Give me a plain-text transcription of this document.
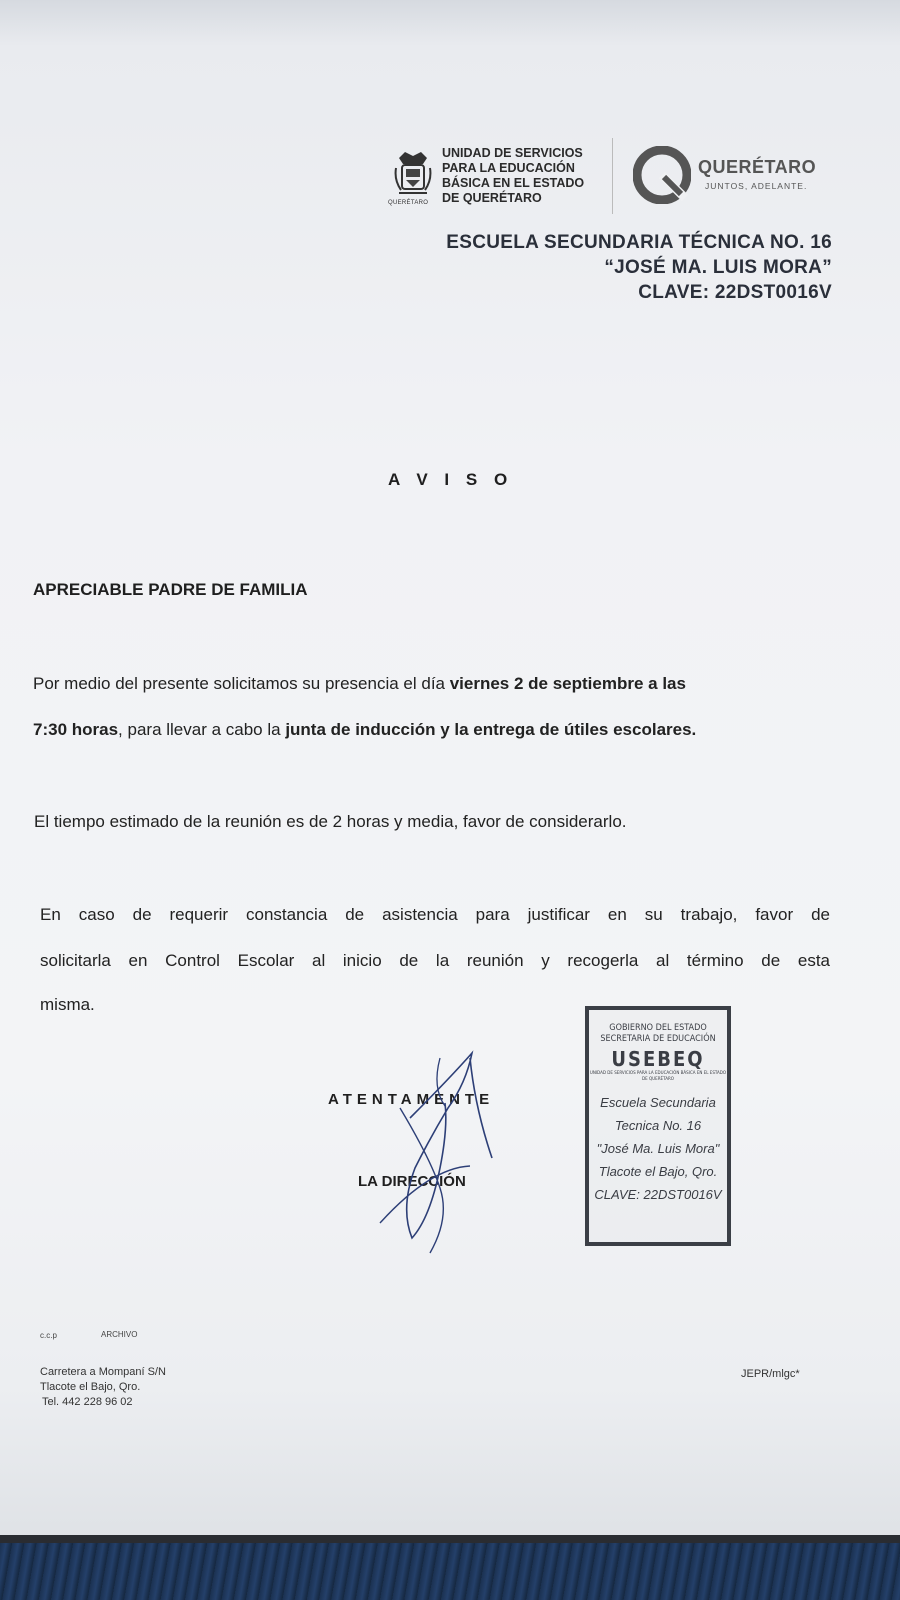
QUERÉTARO
UNIDAD DE SERVICIOS
PARA LA EDUCACIÓN
BÁSICA EN EL ESTADO
DE QUERÉTARO
QUERÉTARO
JUNTOS, ADELANTE.
ESCUELA SECUNDARIA TÉCNICA NO. 16
“JOSÉ MA. LUIS MORA”
CLAVE: 22DST0016V
A V I S O
APRECIABLE PADRE DE FAMILIA
Por medio del presente solicitamos su presencia el día viernes 2 de septiembre a las
7:30 horas, para llevar a cabo la junta de inducción y la entrega de útiles escolares.
El tiempo estimado de la reunión es de 2 horas y media, favor de considerarlo.
En caso de requerir constancia de asistencia para justificar en su trabajo, favor de
solicitarla en Control Escolar al inicio de la reunión y recogerla al término de esta
misma.
ATENTAMENTE
LA DIRECCIÓN
GOBIERNO DEL ESTADO
SECRETARIA DE EDUCACIÓN
USEBEQ
UNIDAD DE SERVICIOS PARA LA EDUCACIÓN BÁSICA EN EL ESTADO DE QUERÉTARO
Escuela Secundaria
Tecnica No. 16
"José Ma. Luis Mora"
Tlacote el Bajo, Qro.
CLAVE: 22DST0016V
c.c.p	ARCHIVO
Carretera a Mompaní S/N
Tlacote el Bajo, Qro.
Tel. 442 228 96 02
JEPR/mlgc*
